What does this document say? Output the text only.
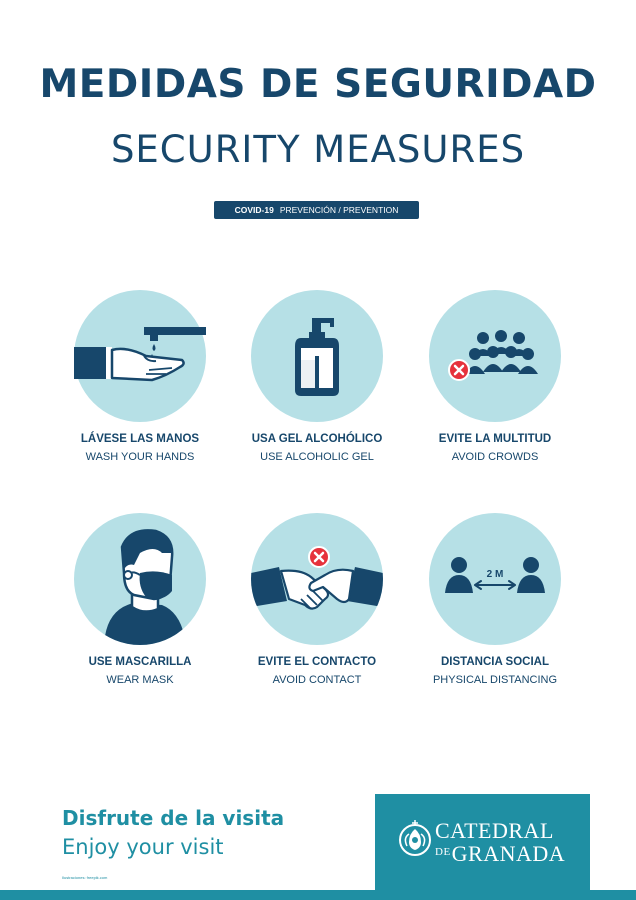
MEDIDAS DE SEGURIDAD
SECURITY MEASURES
COVID-19 PREVENCIÓN / PREVENTION
LÁVESE LAS MANOS
WASH YOUR HANDS
USA GEL ALCOHÓLICO
USE ALCOHOLIC GEL
EVITE LA MULTITUD
AVOID CROWDS
USE MASCARILLA
WEAR MASK
EVITE EL CONTACTO
AVOID CONTACT
2 M
DISTANCIA SOCIAL
PHYSICAL DISTANCING
Disfrute de la visita
Enjoy your visit
Ilustraciones: freepik.com
CATEDRAL
$^{DE}$GRANADA
